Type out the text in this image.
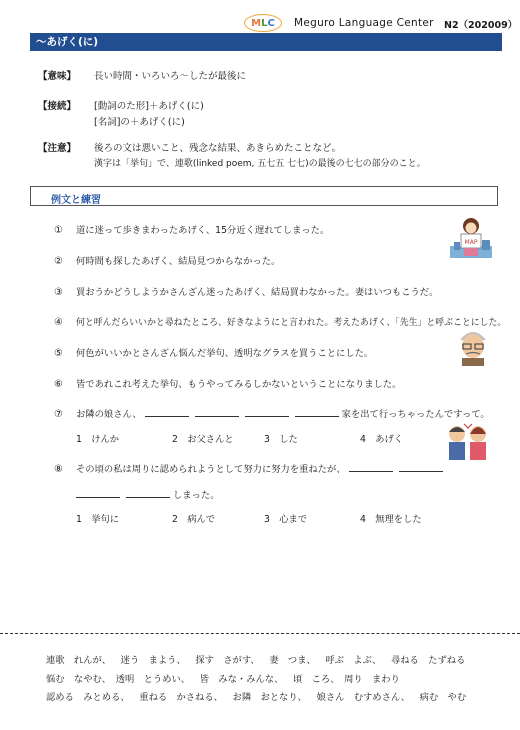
M L C Meguro Language Center N2（202009）
〜あげく(に)
【意味】	長い時間・いろいろ〜したが最後に
【接続】	[動詞のた形]＋あげく(に)
[名詞]の＋あげく(に)
【注意】	後ろの文は悪いこと、残念な結果、あきらめたことなど。
漢字は「挙句」で、連歌(linked poem, 五七五 七七)の最後の七七の部分のこと。
例文と練習
① 道に迷って歩きまわったあげく、15分近く遅れてしまった。
② 何時間も探したあげく、結局見つからなかった。
③ 買おうかどうしようかさんざん迷ったあげく、結局買わなかった。妻はいつもこうだ。
④ 何と呼んだらいいかと尋ねたところ、好きなようにと言われた。考えたあげく、「先生」と呼ぶことにした。
⑤ 何色がいいかとさんざん悩んだ挙句、透明なグラスを買うことにした。
⑥ 皆であれこれ考えた挙句、もうやってみるしかないということになりました。
⑦ お隣の娘さん、	家を出て行っちゃったんですって。
1　けんか	2　お父さんと	3　した	4　あげく
⑧ その頃の私は周りに認められようとして努力に努力を重ねたが、
しまった。
1　挙句に	2　病んで	3　心まで	4　無理をした
MAP
連歌　れんが、　 迷う　まよう、　 探す　さがす、　 妻　つま、　 呼ぶ　よぶ、　 尋ねる　たずねる
悩む　なやむ、　透明　とうめい、　 皆　みな・みんな、　 頃　ころ、　周り　まわり
認める　みとめる、　 重ねる　かさねる、　 お隣　おとなり、　 娘さん　むすめさん、　 病む　やむ
